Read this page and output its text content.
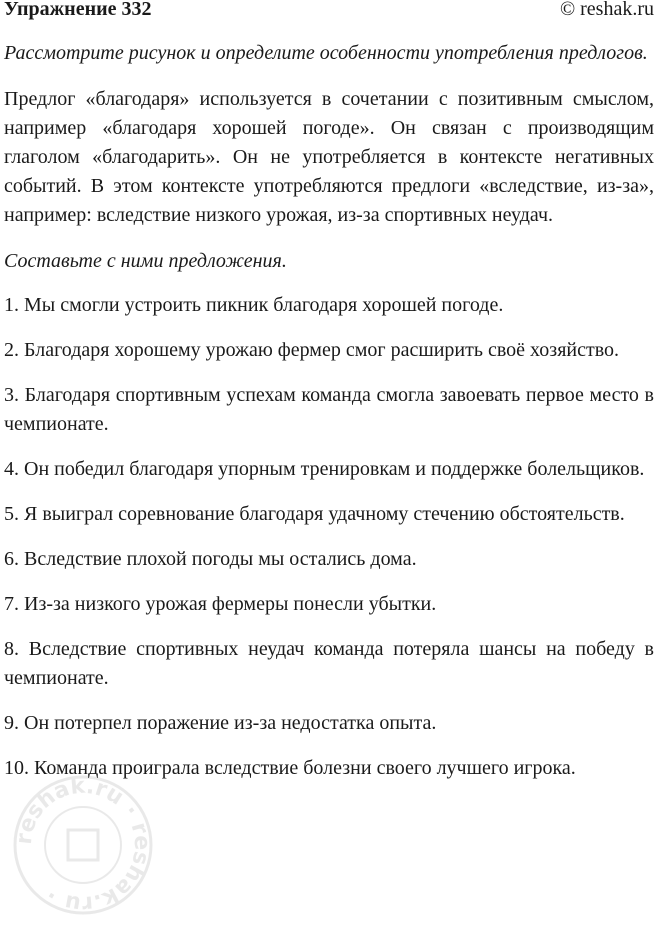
Упражнение 332	© reshak.ru

Рассмотрите рисунок и определите особенности употребления предлогов.

Предлог «благодаря» используется в сочетании с позитивным смыслом, например «благодаря хорошей погоде». Он связан с производящим глаголом «благодарить». Он не употребляется в контексте негативных событий. В этом контексте употребляются предлоги «вследствие, из-за», например: вследствие низкого урожая, из-за спортивных неудач.

Составьте с ними предложения.

1. Мы смогли устроить пикник благодаря хорошей погоде.

2. Благодаря хорошему урожаю фермер смог расширить своё хозяйство.

3. Благодаря спортивным успехам команда смогла завоевать первое место в чемпионате.

4. Он победил благодаря упорным тренировкам и поддержке болельщиков.

5. Я выиграл соревнование благодаря удачному стечению обстоятельств.

6. Вследствие плохой погоды мы остались дома.

7. Из-за низкого урожая фермеры понесли убытки.

8. Вследствие спортивных неудач команда потеряла шансы на победу в чемпионате.

9. Он потерпел поражение из-за недостатка опыта.

10. Команда проиграла вследствие болезни своего лучшего игрока.

reshak.ru · reshak.ru ·
